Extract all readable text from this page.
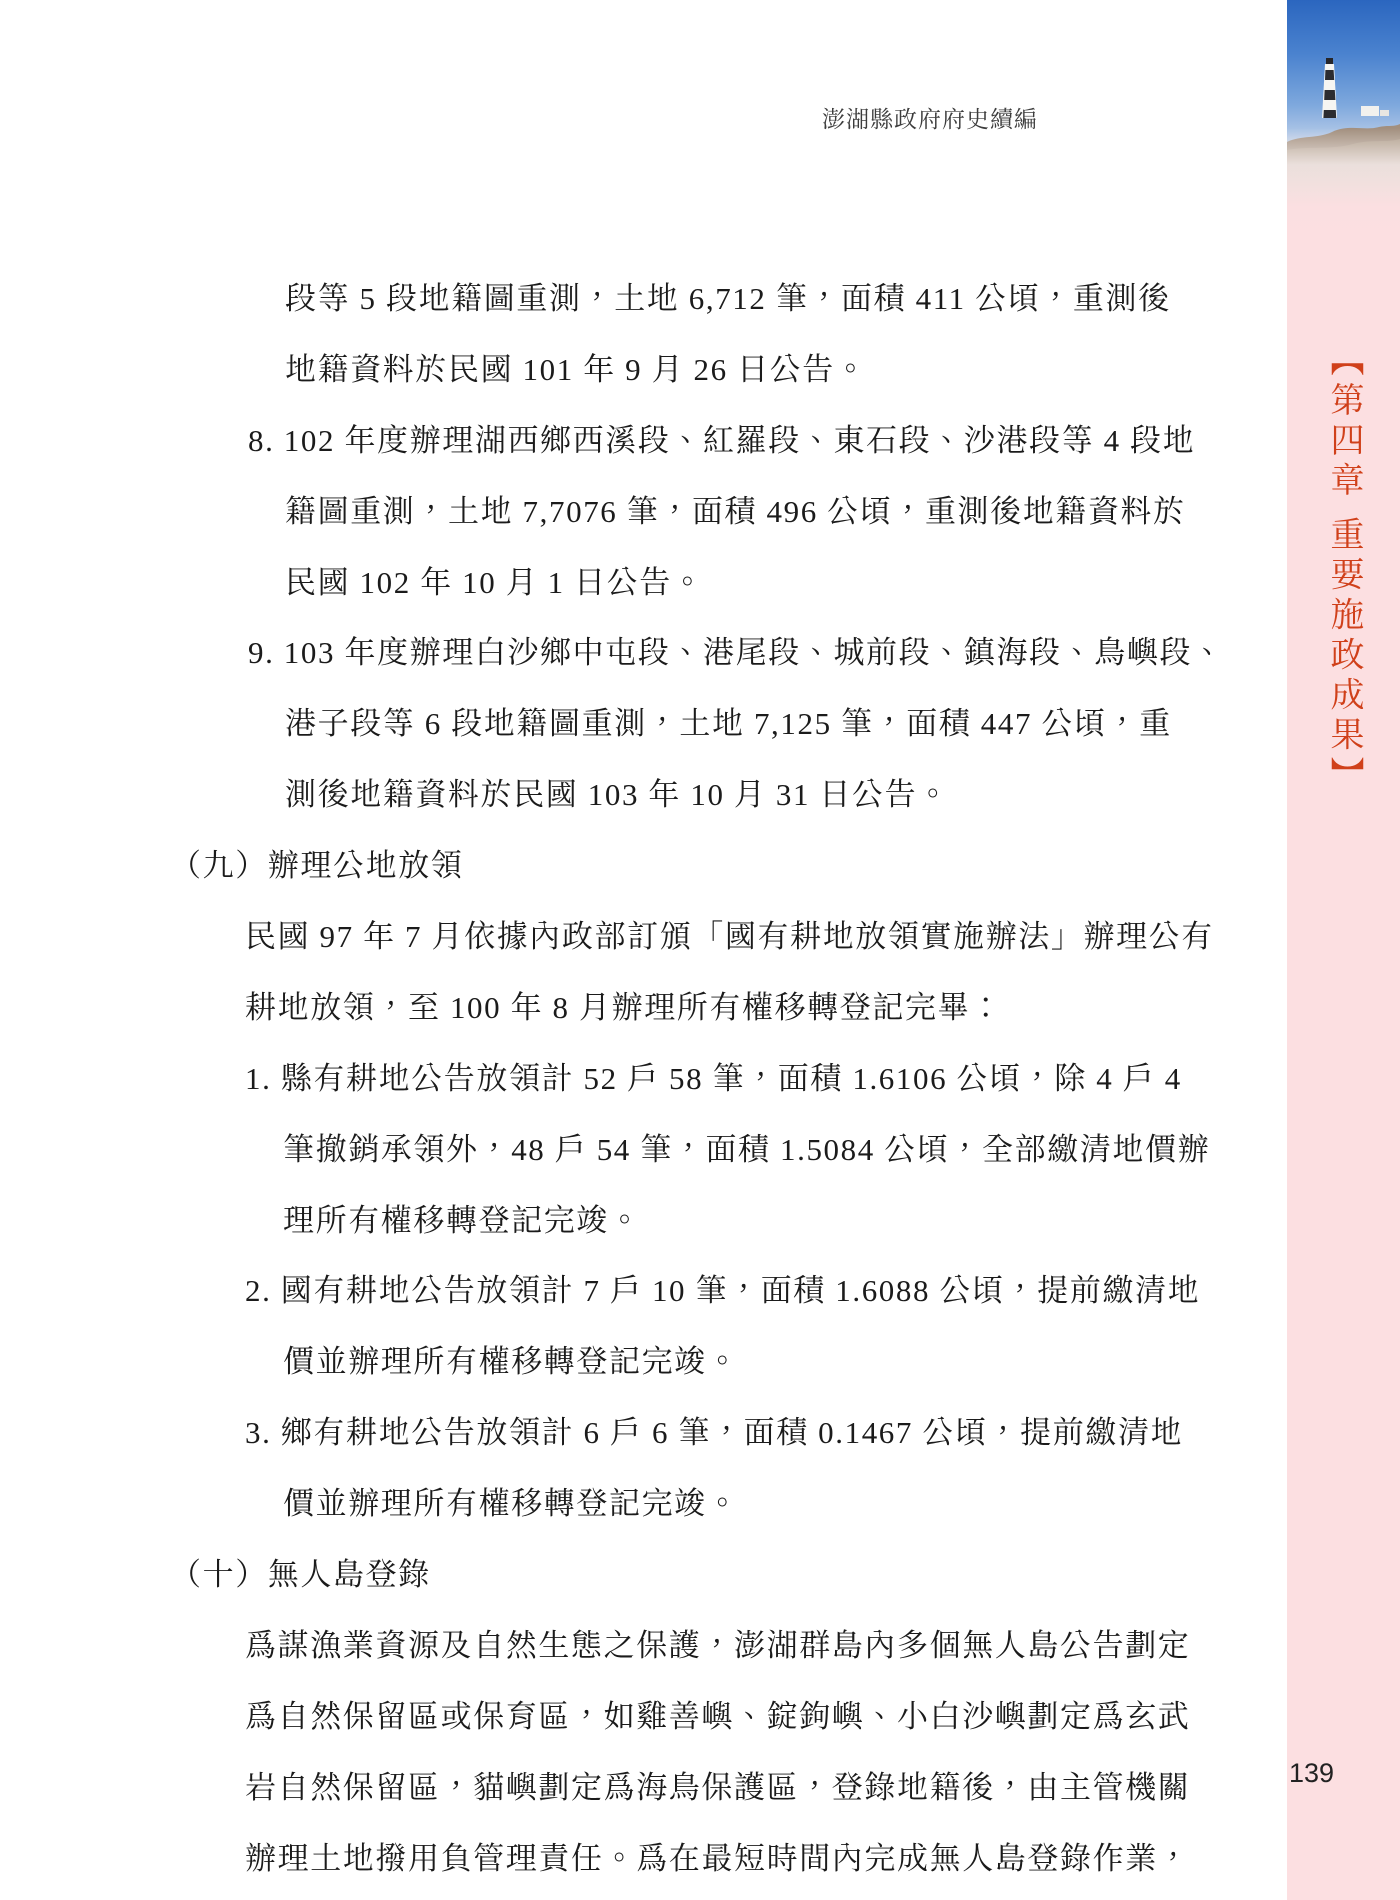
澎湖縣政府府史續編
段等 5 段地籍圖重測，土地 6,712 筆，面積 411 公頃，重測後
地籍資料於民國 101 年 9 月 26 日公告。
8. 102 年度辦理湖西鄉西溪段、紅羅段、東石段、沙港段等 4 段地
籍圖重測，土地 7,7076 筆，面積 496 公頃，重測後地籍資料於
民國 102 年 10 月 1 日公告。
9. 103 年度辦理白沙鄉中屯段、港尾段、城前段、鎮海段、鳥嶼段、
港子段等 6 段地籍圖重測，土地 7,125 筆，面積 447 公頃，重
測後地籍資料於民國 103 年 10 月 31 日公告。
（九）辦理公地放領
民國 97 年 7 月依據內政部訂頒「國有耕地放領實施辦法」辦理公有
耕地放領，至 100 年 8 月辦理所有權移轉登記完畢：
1. 縣有耕地公告放領計 52 戶 58 筆，面積 1.6106 公頃，除 4 戶 4
筆撤銷承領外，48 戶 54 筆，面積 1.5084 公頃，全部繳清地價辦
理所有權移轉登記完竣。
2. 國有耕地公告放領計 7 戶 10 筆，面積 1.6088 公頃，提前繳清地
價並辦理所有權移轉登記完竣。
3. 鄉有耕地公告放領計 6 戶 6 筆，面積 0.1467 公頃，提前繳清地
價並辦理所有權移轉登記完竣。
（十）無人島登錄
爲謀漁業資源及自然生態之保護，澎湖群島內多個無人島公告劃定
爲自然保留區或保育區，如雞善嶼、錠鉤嶼、小白沙嶼劃定爲玄武
岩自然保留區，貓嶼劃定爲海鳥保護區，登錄地籍後，由主管機關
辦理土地撥用負管理責任。爲在最短時間內完成無人島登錄作業，
【第四章 重要施政成果】
139
